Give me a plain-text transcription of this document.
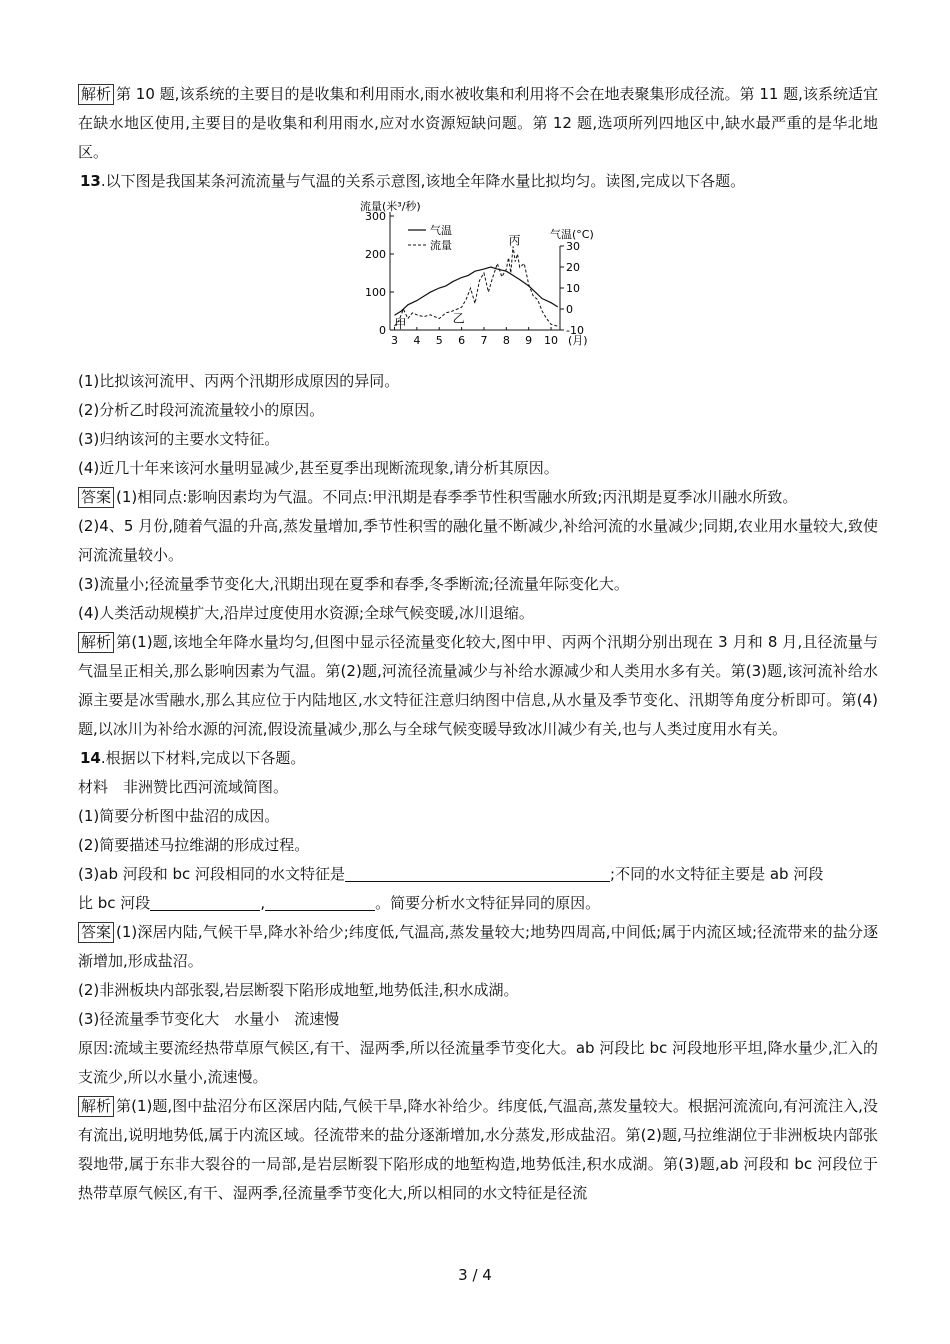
解析 第 10 题,该系统的主要目的是收集和利用雨水,雨水被收集和利用将不会在地表聚集形成径流。第 11 题,该系统适宜在缺水地区使用,主要目的是收集和利用雨水,应对水资源短缺问题。第 12 题,选项所列四地区中,缺水最严重的是华北地区。
13.以下图是我国某条河流流量与气温的关系示意图,该地全年降水量比拟均匀。读图,完成以下各题。
流量(米³/秒)
300
200
100
0
30
20
10
0
-10
气温(°C)
3 4 5 6 7 8 9 10 (月)
气温
流量
甲	乙
丙
(1)比拟该河流甲、丙两个汛期形成原因的异同。
(2)分析乙时段河流流量较小的原因。
(3)归纳该河的主要水文特征。
(4)近几十年来该河水量明显减少,甚至夏季出现断流现象,请分析其原因。
答案 (1)相同点:影响因素均为气温。不同点:甲汛期是春季季节性积雪融水所致;丙汛期是夏季冰川融水所致。
(2)4、5 月份,随着气温的升高,蒸发量增加,季节性积雪的融化量不断减少,补给河流的水量减少;同期,农业用水量较大,致使河流流量较小。
(3)流量小;径流量季节变化大,汛期出现在夏季和春季,冬季断流;径流量年际变化大。
(4)人类活动规模扩大,沿岸过度使用水资源;全球气候变暖,冰川退缩。
解析 第(1)题,该地全年降水量均匀,但图中显示径流量变化较大,图中甲、丙两个汛期分别出现在 3 月和 8 月,且径流量与气温呈正相关,那么影响因素为气温。第(2)题,河流径流量减少与补给水源减少和人类用水多有关。第(3)题,该河流补给水源主要是冰雪融水,那么其应位于内陆地区,水文特征注意归纳图中信息,从水量及季节变化、汛期等角度分析即可。第(4)题,以冰川为补给水源的河流,假设流量减少,那么与全球气候变暖导致冰川减少有关,也与人类过度用水有关。
14.根据以下材料,完成以下各题。
材料　非洲赞比西河流域简图。
(1)简要分析图中盐沼的成因。
(2)简要描述马拉维湖的形成过程。
(3)ab 河段和 bc 河段相同的水文特征是	;不同的水文特征主要是 ab 河段
比 bc 河段	,	。简要分析水文特征异同的原因。
答案 (1)深居内陆,气候干旱,降水补给少;纬度低,气温高,蒸发量较大;地势四周高,中间低;属于内流区域;径流带来的盐分逐渐增加,形成盐沼。
(2)非洲板块内部张裂,岩层断裂下陷形成地堑,地势低洼,积水成湖。
(3)径流量季节变化大　水量小　流速慢
原因:流域主要流经热带草原气候区,有干、湿两季,所以径流量季节变化大。ab 河段比 bc 河段地形平坦,降水量少,汇入的支流少,所以水量小,流速慢。
解析 第(1)题,图中盐沼分布区深居内陆,气候干旱,降水补给少。纬度低,气温高,蒸发量较大。根据河流流向,有河流注入,没有流出,说明地势低,属于内流区域。径流带来的盐分逐渐增加,水分蒸发,形成盐沼。第(2)题,马拉维湖位于非洲板块内部张裂地带,属于东非大裂谷的一局部,是岩层断裂下陷形成的地堑构造,地势低洼,积水成湖。第(3)题,ab 河段和 bc 河段位于热带草原气候区,有干、湿两季,径流量季节变化大,所以相同的水文特征是径流
3 / 4
